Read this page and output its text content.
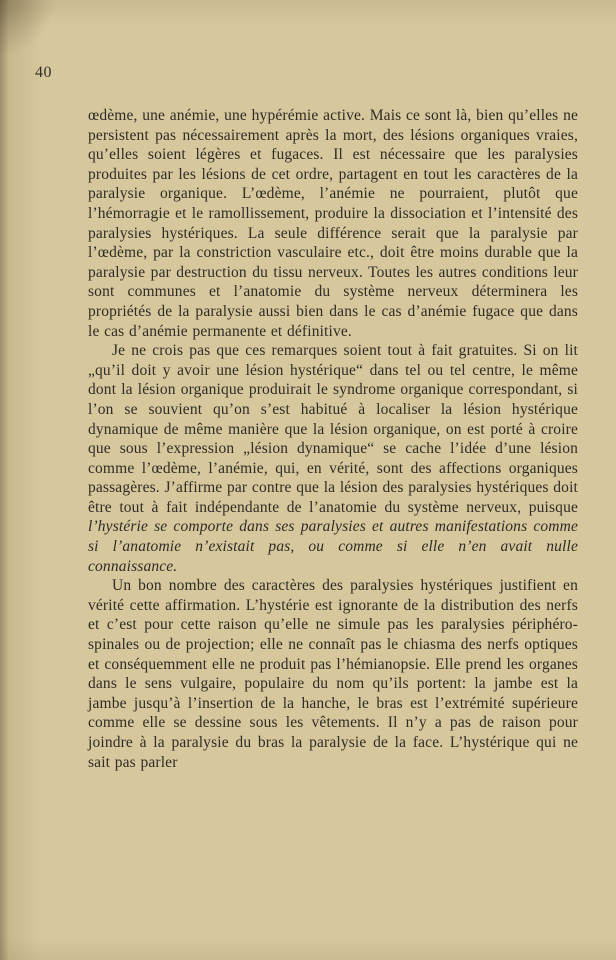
40

œdème, une anémie, une hypérémie active. Mais ce sont là, bien qu’elles ne persistent pas nécessairement après la mort, des lésions organiques vraies, qu’elles soient légères et fugaces. Il est nécessaire que les paralysies produites par les lésions de cet ordre, partagent en tout les caractères de la paralysie organique. L’œdème, l’anémie ne pourraient, plutôt que l’hémorragie et le ramollissement, produire la dissociation et l’intensité des paralysies hystériques. La seule différence serait que la paralysie par l’œdème, par la constriction vasculaire etc., doit être moins durable que la paralysie par destruction du tissu nerveux. Toutes les autres conditions leur sont communes et l’anatomie du système nerveux déterminera les propriétés de la paralysie aussi bien dans le cas d’anémie fugace que dans le cas d’anémie permanente et définitive.

Je ne crois pas que ces remarques soient tout à fait gratuites. Si on lit „qu’il doit y avoir une lésion hystérique“ dans tel ou tel centre, le même dont la lésion organique produirait le syndrome organique correspondant, si l’on se souvient qu’on s’est habitué à localiser la lésion hystérique dynamique de même manière que la lésion organique, on est porté à croire que sous l’expression „lésion dynamique“ se cache l’idée d’une lésion comme l’œdème, l’anémie, qui, en vérité, sont des affections organiques passagères. J’affirme par contre que la lésion des paralysies hystériques doit être tout à fait indépendante de l’anatomie du système nerveux, puisque l’hystérie se comporte dans ses paralysies et autres manifestations comme si l’anatomie n’existait pas, ou comme si elle n’en avait nulle connaissance.

Un bon nombre des caractères des paralysies hystériques justifient en vérité cette affirmation. L’hystérie est ignorante de la distribution des nerfs et c’est pour cette raison qu’elle ne simule pas les paralysies périphéro-spinales ou de projection; elle ne connaît pas le chiasma des nerfs optiques et conséquemment elle ne produit pas l’hémianopsie. Elle prend les organes dans le sens vulgaire, populaire du nom qu’ils portent: la jambe est la jambe jusqu’à l’insertion de la hanche, le bras est l’extrémité supérieure comme elle se dessine sous les vêtements. Il n’y a pas de raison pour joindre à la paralysie du bras la paralysie de la face. L’hystérique qui ne sait pas parler
